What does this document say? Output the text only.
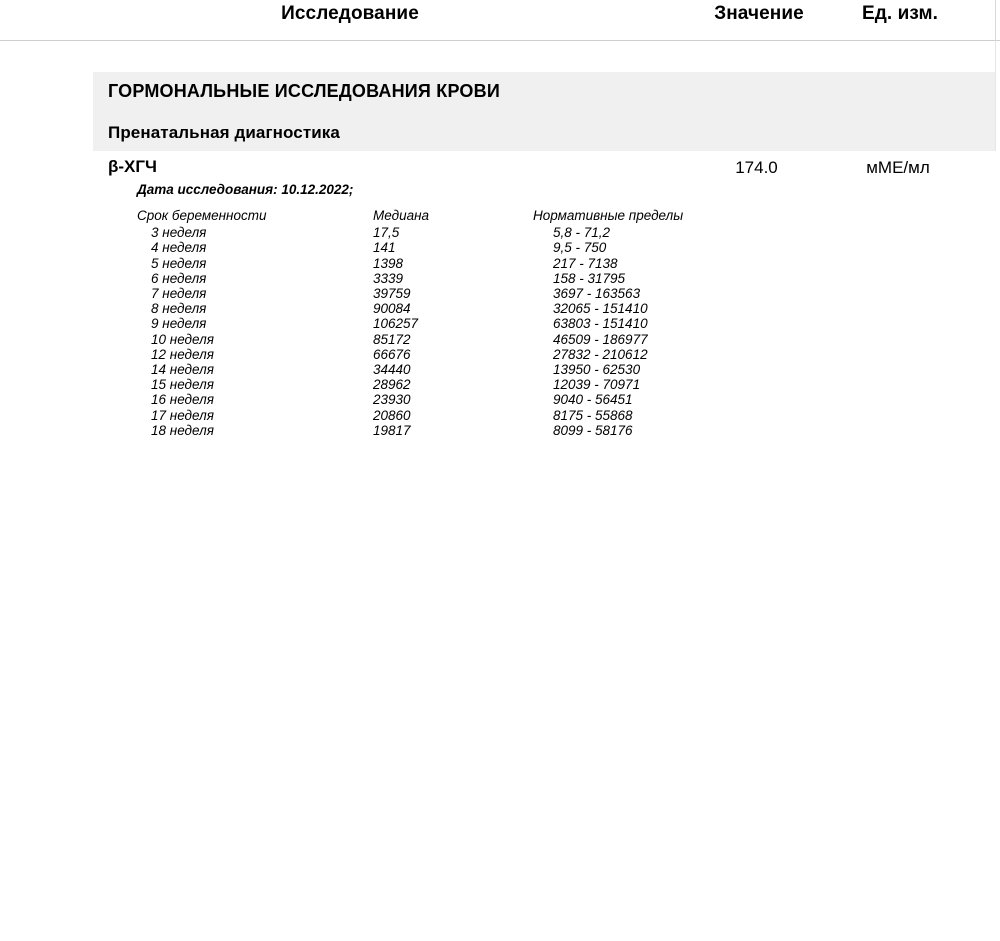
Исследование	Значение	Ед. изм.
ГОРМОНАЛЬНЫЕ ИССЛЕДОВАНИЯ КРОВИ
Пренатальная диагностика
β-ХГЧ	174.0	мМЕ/мл
Дата исследования: 10.12.2022;
Срок беременности	Медиана	Нормативные пределы
3 неделя	17,5	5,8 - 71,2
4 неделя	141	9,5 - 750
5 неделя	1398	217 - 7138
6 неделя	3339	158 - 31795
7 неделя	39759	3697 - 163563
8 неделя	90084	32065 - 151410
9 неделя	106257	63803 - 151410
10 неделя	85172	46509 - 186977
12 неделя	66676	27832 - 210612
14 неделя	34440	13950 - 62530
15 неделя	28962	12039 - 70971
16 неделя	23930	9040 - 56451
17 неделя	20860	8175 - 55868
18 неделя	19817	8099 - 58176
